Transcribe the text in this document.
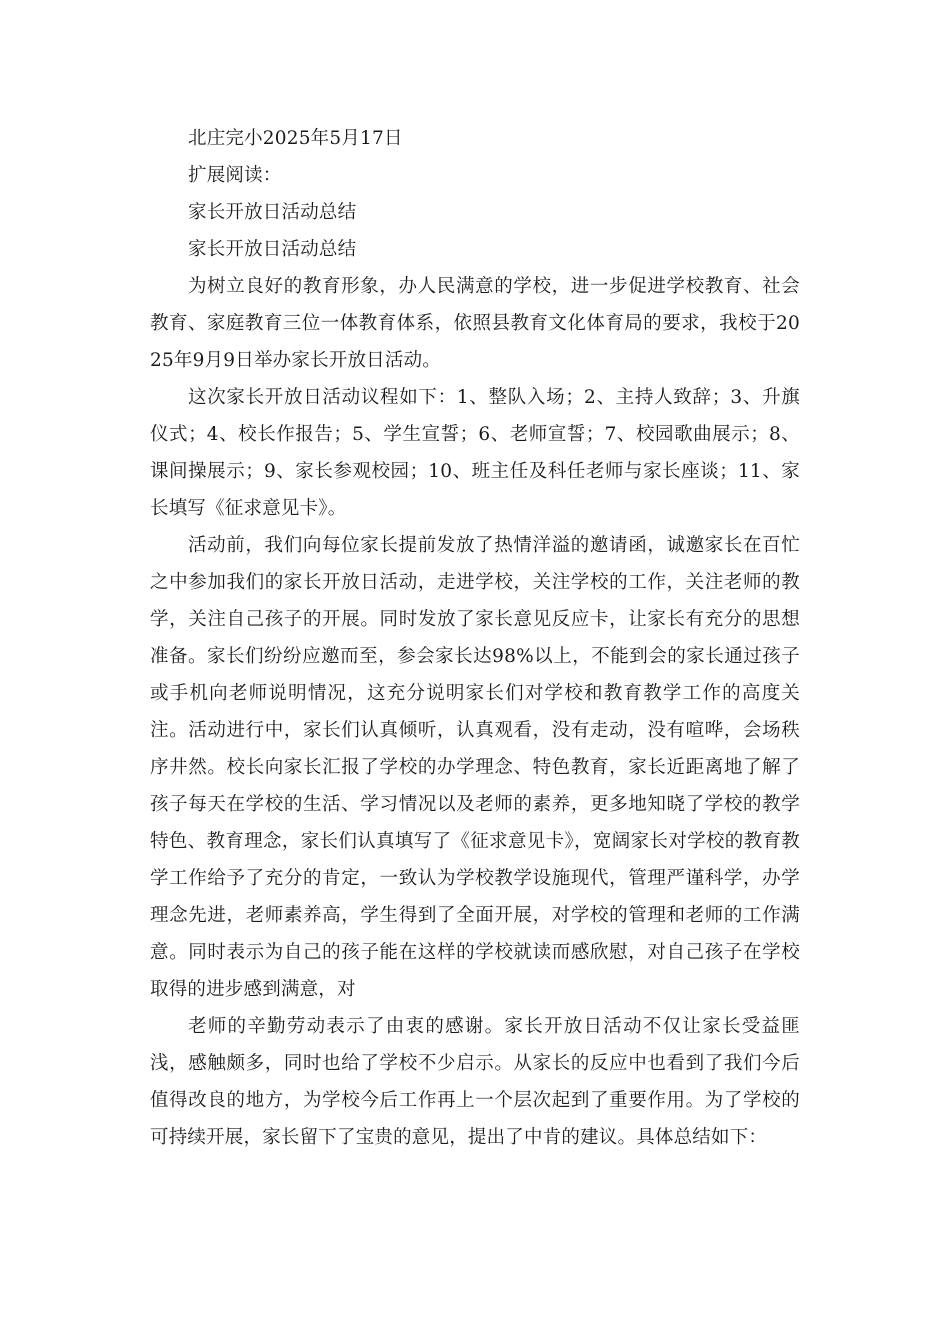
北庄完小2025年5月17日

扩展阅读：

家长开放日活动总结

家长开放日活动总结

为树立良好的教育形象，办人民满意的学校，进一步促进学校教育、社会教育、家庭教育三位一体教育体系，依照县教育文化体育局的要求，我校于2025年9月9日举办家长开放日活动。

这次家长开放日活动议程如下：1、整队入场；2、主持人致辞；3、升旗仪式；4、校长作报告；5、学生宣誓；6、老师宣誓；7、校园歌曲展示；8、课间操展示；9、家长参观校园；10、班主任及科任老师与家长座谈；11、家长填写《征求意见卡》。

活动前，我们向每位家长提前发放了热情洋溢的邀请函，诚邀家长在百忙之中参加我们的家长开放日活动，走进学校，关注学校的工作，关注老师的教学，关注自己孩子的开展。同时发放了家长意见反应卡，让家长有充分的思想准备。家长们纷纷应邀而至，参会家长达98%以上，不能到会的家长通过孩子或手机向老师说明情况，这充分说明家长们对学校和教育教学工作的高度关注。活动进行中，家长们认真倾听，认真观看，没有走动，没有喧哗，会场秩序井然。校长向家长汇报了学校的办学理念、特色教育，家长近距离地了解了孩子每天在学校的生活、学习情况以及老师的素养，更多地知晓了学校的教学特色、教育理念，家长们认真填写了《征求意见卡》，宽阔家长对学校的教育教学工作给予了充分的肯定，一致认为学校教学设施现代，管理严谨科学，办学理念先进，老师素养高，学生得到了全面开展，对学校的管理和老师的工作满意。同时表示为自己的孩子能在这样的学校就读而感欣慰，对自己孩子在学校取得的进步感到满意，对

老师的辛勤劳动表示了由衷的感谢。家长开放日活动不仅让家长受益匪浅，感触颇多，同时也给了学校不少启示。从家长的反应中也看到了我们今后值得改良的地方，为学校今后工作再上一个层次起到了重要作用。为了学校的可持续开展，家长留下了宝贵的意见，提出了中肯的建议。具体总结如下：
